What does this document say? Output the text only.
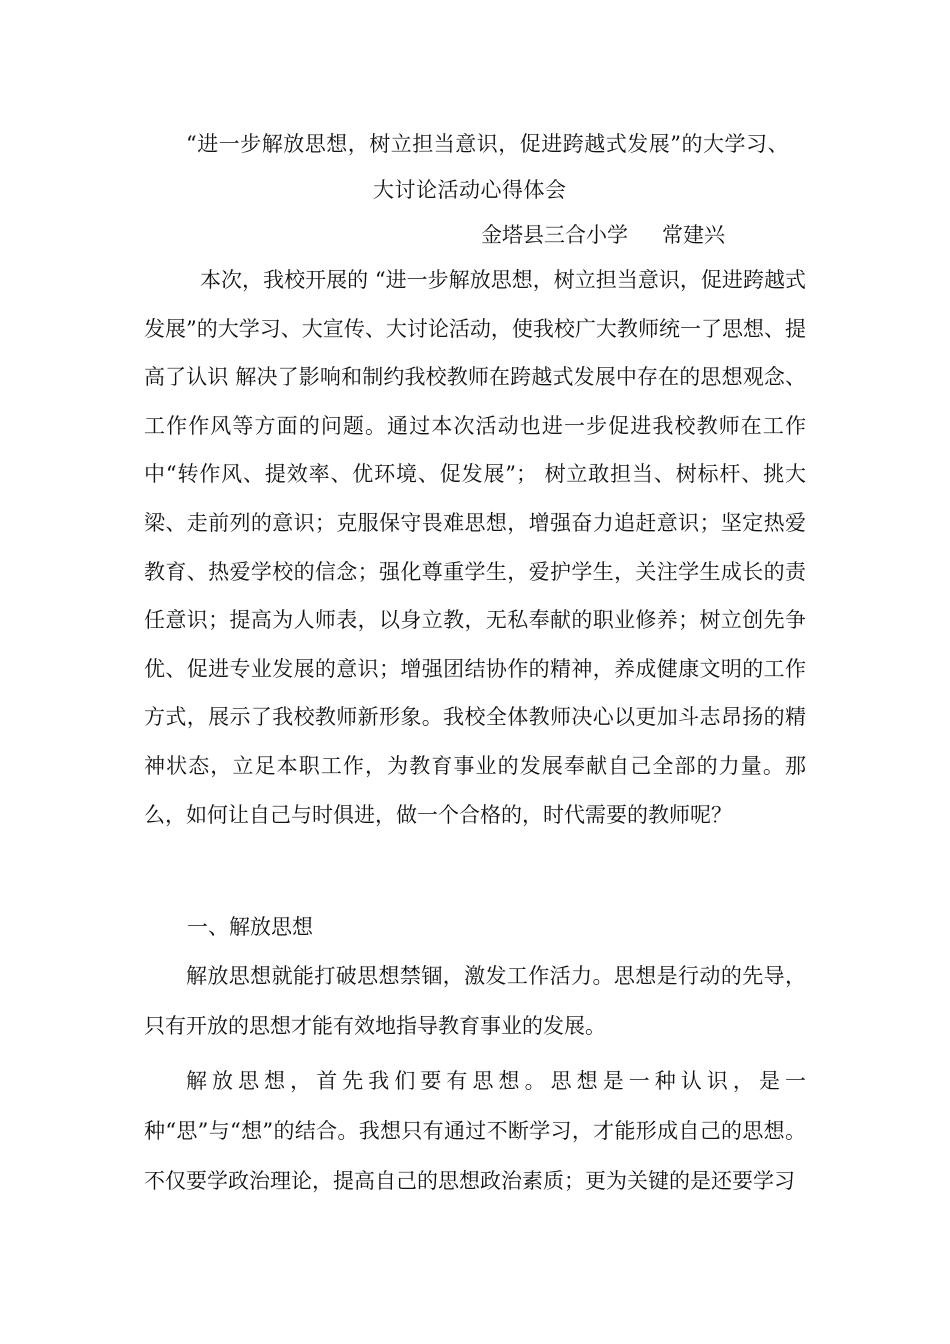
“进一步解放思想，树立担当意识，促进跨越式发展”的大学习、
大讨论活动心得体会
金塔县三合小学 常建兴
本次，我校开展的 “进一步解放思想，树立担当意识，促进跨越式发展”的大学习、大宣传、大讨论活动，使我校广大教师统一了思想、提高了认识 解决了影响和制约我校教师在跨越式发展中存在的思想观念、工作作风等方面的问题。通过本次活动也进一步促进我校教师在工作中“转作风、提效率、优环境、促发展”； 树立敢担当、树标杆、挑大梁、走前列的意识；克服保守畏难思想，增强奋力追赶意识；坚定热爱教育、热爱学校的信念；强化尊重学生，爱护学生，关注学生成长的责任意识；提高为人师表，以身立教，无私奉献的职业修养；树立创先争优、促进专业发展的意识；增强团结协作的精神，养成健康文明的工作方式，展示了我校教师新形象。我校全体教师决心以更加斗志昂扬的精神状态，立足本职工作，为教育事业的发展奉献自己全部的力量。那么，如何让自己与时俱进，做一个合格的，时代需要的教师呢？
一、解放思想
解放思想就能打破思想禁锢，激发工作活力。思想是行动的先导，只有开放的思想才能有效地指导教育事业的发展。
解放思想，首先我们要有思想。思想是一种认识，是一种“思”与“想”的结合。我想只有通过不断学习，才能形成自己的思想。不仅要学政治理论，提高自己的思想政治素质；更为关键的是还要学习
